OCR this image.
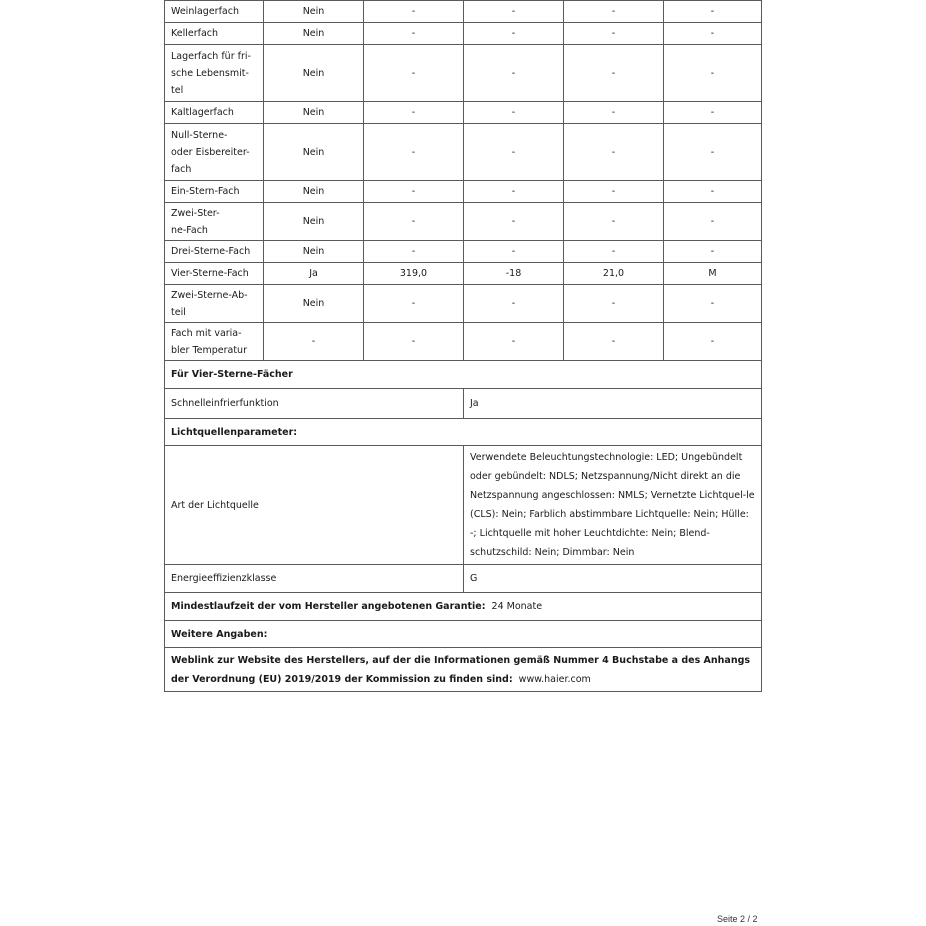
Weinlagerfach	Nein	-	-	-	-
Kellerfach	Nein	-	-	-	-
Lagerfach für fri-
sche Lebensmit-
tel	Nein	-	-	-	-
Kaltlagerfach	Nein	-	-	-	-
Null-Sterne-
oder Eisbereiter-
fach	Nein	-	-	-	-
Ein-Stern-Fach	Nein	-	-	-	-
Zwei-Ster-
ne-Fach	Nein	-	-	-	-
Drei-Sterne-Fach	Nein	-	-	-	-
Vier-Sterne-Fach	Ja	319,0	-18	21,0	M
Zwei-Sterne-Ab-
teil	Nein	-	-	-	-
Fach mit varia-
bler Temperatur	-	-	-	-	-
Für Vier-Sterne-Fächer					
Schnelleinfrierfunktion			Ja		
Lichtquellenparameter:					
Art der Lichtquelle			Verwendete Beleuchtungstechnologie: LED; Ungebündelt oder gebündelt: NDLS; Netzspannung/Nicht direkt an die Netzspannung angeschlossen: NMLS; Vernetzte Lichtquel-le (CLS): Nein; Farblich abstimmbare Lichtquelle: Nein; Hülle: -; Lichtquelle mit hoher Leuchtdichte: Nein; Blend-schutzschild: Nein; Dimmbar: Nein		
Energieeffizienzklasse			G		
Mindestlaufzeit der vom Hersteller angebotenen Garantie: 24 Monate					
Weitere Angaben:					
Weblink zur Website des Herstellers, auf der die Informationen gemäß Nummer 4 Buchstabe a des Anhangs der Verordnung (EU) 2019/2019 der Kommission zu finden sind: www.haier.com					
Seite 2 / 2
